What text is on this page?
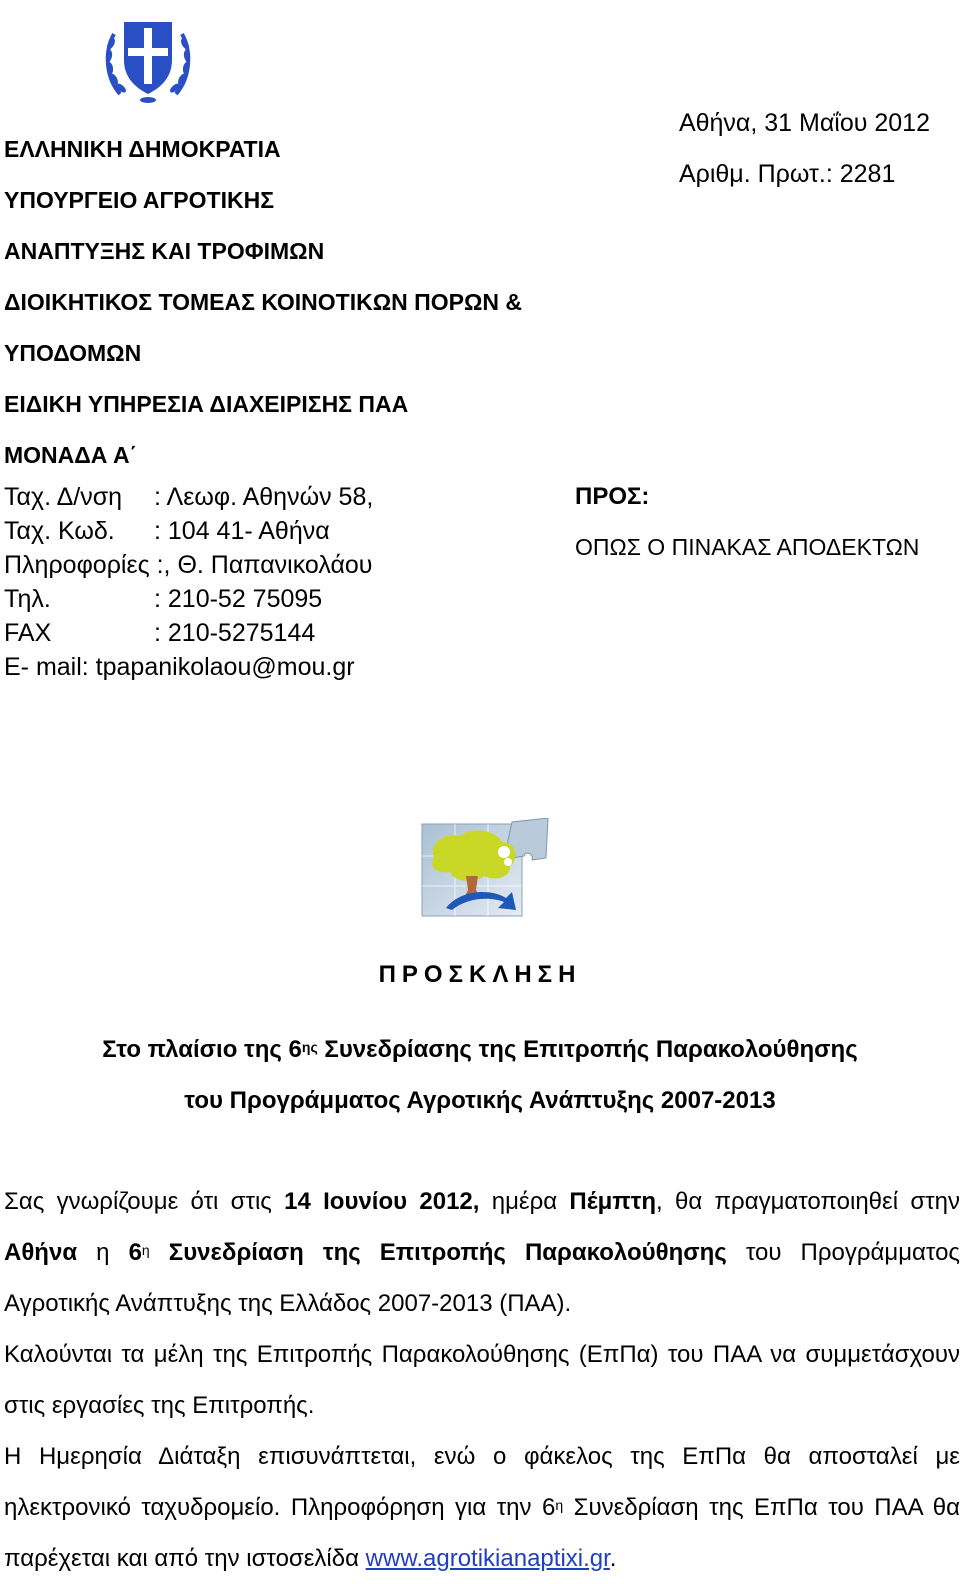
ΕΛΛΗΝΙΚΗ ΔΗΜΟΚΡΑΤΙΑ
ΥΠΟΥΡΓΕΙΟ ΑΓΡΟΤΙΚΗΣ
ΑΝΑΠΤΥΞΗΣ ΚΑΙ ΤΡΟΦΙΜΩΝ
ΔΙΟΙΚΗΤΙΚΟΣ ΤΟΜΕΑΣ ΚΟΙΝΟΤΙΚΩΝ ΠΟΡΩΝ &
ΥΠΟΔΟΜΩΝ
ΕΙΔΙΚΗ ΥΠΗΡΕΣΙΑ ΔΙΑΧΕΙΡΙΣΗΣ ΠΑΑ
ΜΟΝΑΔΑ Α΄
Αθήνα, 31 Μαΐου 2012
Αριθμ. Πρωτ.: 2281
Ταχ. Δ/νση	: Λεωφ. Αθηνών 58,
Ταχ. Κωδ.	: 104 41- Αθήνα
Πληροφορίες :, Θ. Παπανικολάου
Τηλ.	: 210-52 75095
FAX	: 210-5275144
E- mail: tpapanikolaou@mou.gr
ΠΡΟΣ:
ΟΠΩΣ Ο ΠΙΝΑΚΑΣ ΑΠΟΔΕΚΤΩΝ
ΠΡΟΣΚΛΗΣΗ
Στο πλαίσιο της $6^{\eta\varsigma}$ Συνεδρίασης της Επιτροπής Παρακολούθησης
του Προγράμματος Αγροτικής Ανάπτυξης 2007-2013

Σας γνωρίζουμε ότι στις 14 Ιουνίου 2012, ημέρα Πέμπτη, θα πραγματοποιηθεί στην Αθήνα η $6^\eta$ Συνεδρίαση της Επιτροπής Παρακολούθησης του Προγράμματος Αγροτικής Ανάπτυξης της Ελλάδος 2007-2013 (ΠΑΑ).

Καλούνται τα μέλη της Επιτροπής Παρακολούθησης (ΕπΠα) του ΠΑΑ να συμμετάσχουν στις εργασίες της Επιτροπής.

Η Ημερησία Διάταξη επισυνάπτεται, ενώ ο φάκελος της ΕπΠα θα αποσταλεί με ηλεκτρονικό ταχυδρομείο. Πληροφόρηση για την $6^\eta$ Συνεδρίαση της ΕπΠα του ΠΑΑ θα παρέχεται και από την ιστοσελίδα www.agrotikianaptixi.gr.
